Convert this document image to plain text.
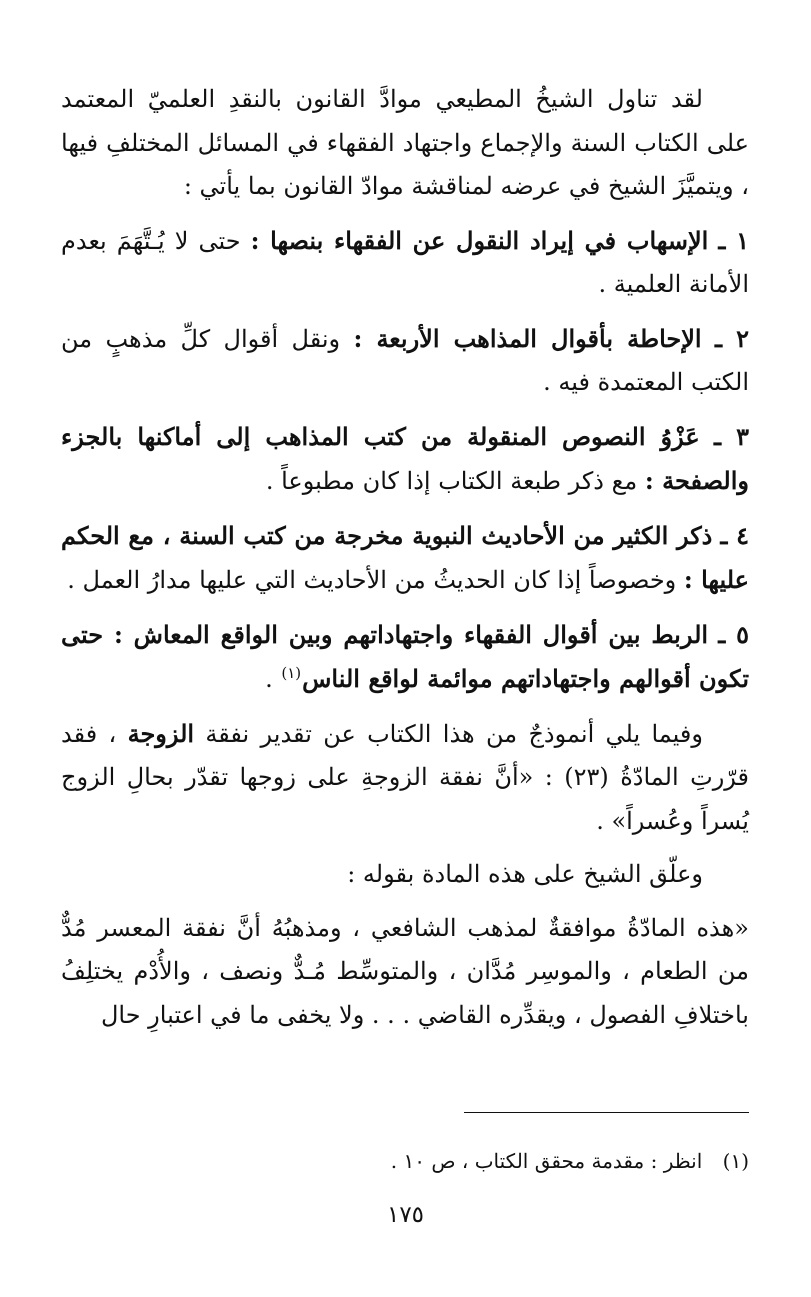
لقد تناول الشيخُ المطيعي موادَّ القانون بالنقدِ العلميّ المعتمد على الكتاب السنة والإجماع واجتهاد الفقهاء في المسائل المختلفِ فيها ، ويتميَّزَ الشيخ في عرضه لمناقشة موادّ القانون بما يأتي :

١ ـ الإسهاب في إيراد النقول عن الفقهاء بنصها : حتى لا يُـتَّهَمَ بعدم الأمانة العلمية .

٢ ـ الإحاطة بأقوال المذاهب الأربعة : ونقل أقوال كلِّ مذهبٍ من الكتب المعتمدة فيه .

٣ ـ عَزْوُ النصوص المنقولة من كتب المذاهب إلى أماكنها بالجزء والصفحة : مع ذكر طبعة الكتاب إذا كان مطبوعاً .

٤ ـ ذكر الكثير من الأحاديث النبوية مخرجة من كتب السنة ، مع الحكم عليها : وخصوصاً إذا كان الحديثُ من الأحاديث التي عليها مدارُ العمل .

٥ ـ الربط بين أقوال الفقهاء واجتهاداتهم وبين الواقع المعاش : حتى تكون أقوالهم واجتهاداتهم موائمة لواقع الناس$^{(١)}$ .

وفيما يلي أنموذجٌ من هذا الكتاب عن تقدير نفقة الزوجة ، فقد قرّرتِ المادّةُ (٢٣) : «أنَّ نفقة الزوجةِ على زوجها تقدّر بحالِ الزوج يُسراً وعُسراً» .

وعلّق الشيخ على هذه المادة بقوله :

«هذه المادّةُ موافقةٌ لمذهب الشافعي ، ومذهبُهُ أنَّ نفقة المعسر مُدٌّ من الطعام ، والموسِر مُدَّان ، والمتوسِّط مُـدٌّ ونصف ، والأُدْم يختلِفُ باختلافِ الفصول ، ويقدِّره القاضي . . . ولا يخفى ما في اعتبارِ حال

(١) انظر : مقدمة محقق الكتاب ، ص ١٠ .
١٧٥
